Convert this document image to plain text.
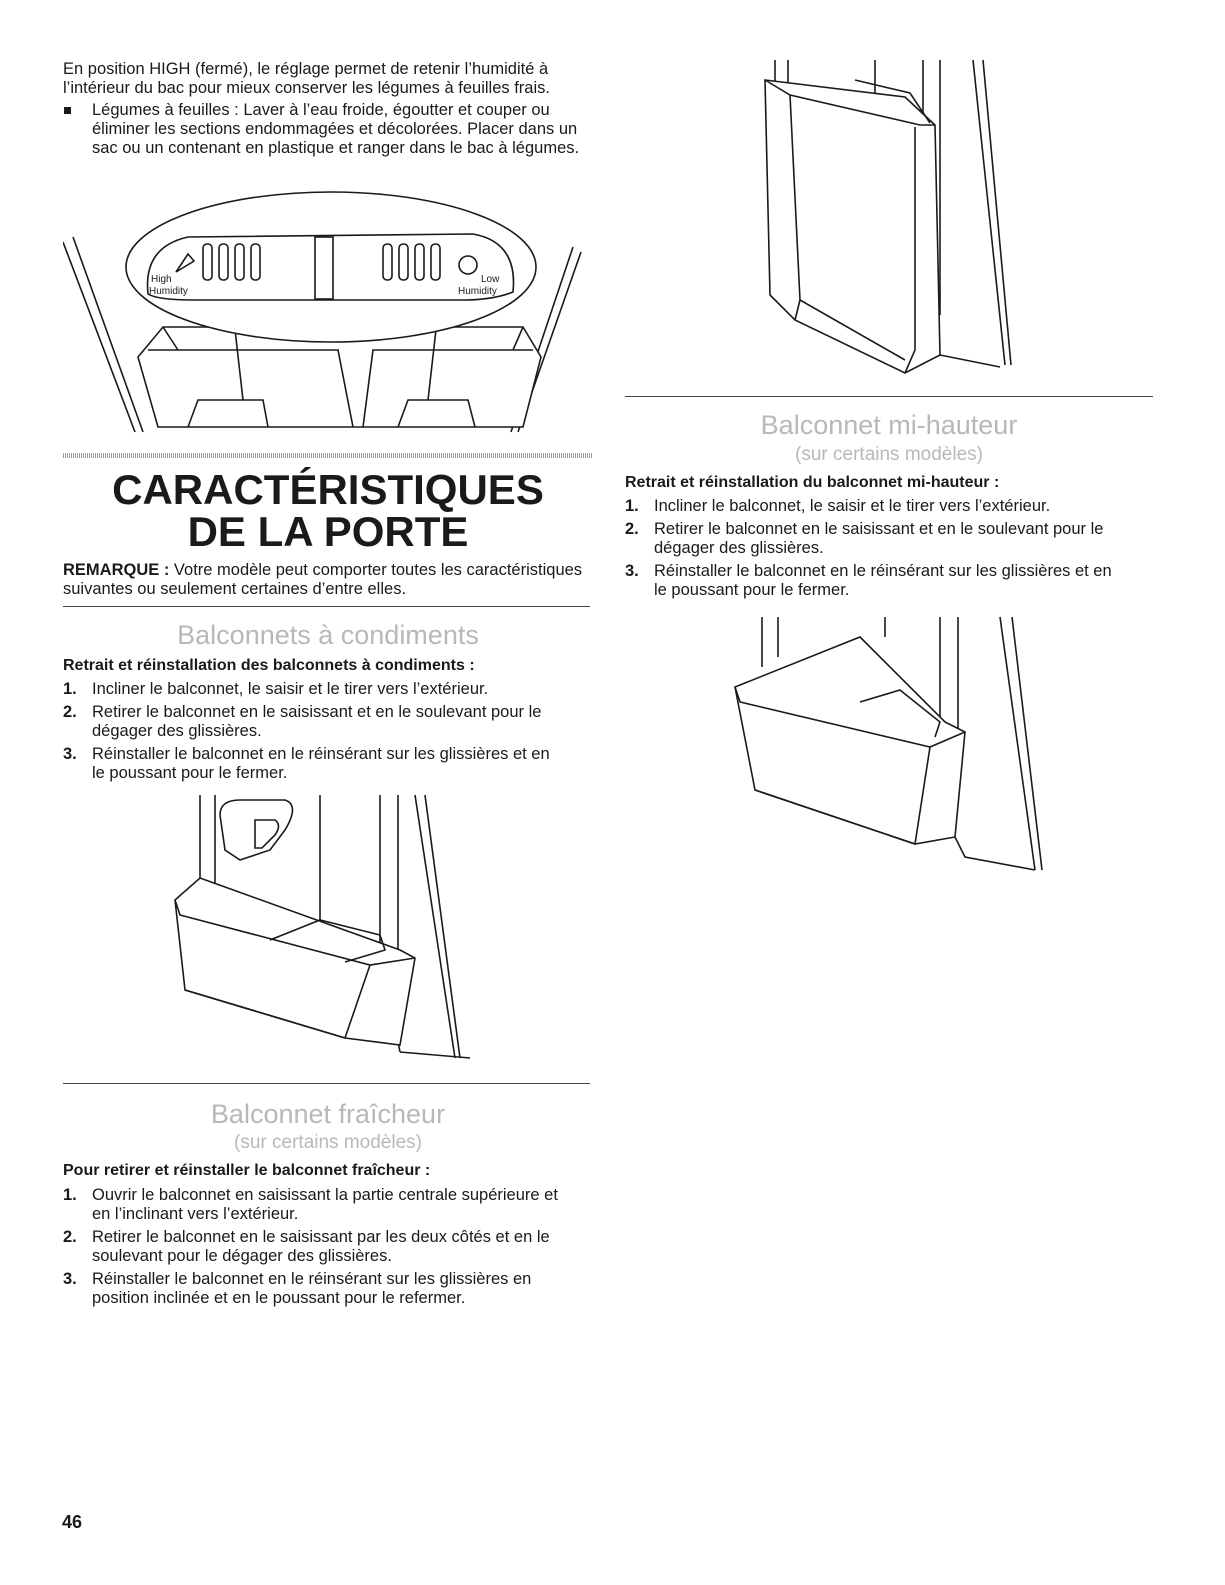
En position HIGH (fermé), le réglage permet de retenir l’humidité à l’intérieur du bac pour mieux conserver les légumes à feuilles frais.

Légumes à feuilles : Laver à l’eau froide, égoutter et couper ou éliminer les sections endommagées et décolorées. Placer dans un sac ou un contenant en plastique et ranger dans le bac à légumes.
High
Humidity
Low
Humidity
CARACTÉRISTIQUES
DE LA PORTE

REMARQUE : Votre modèle peut comporter toutes les caractéristiques suivantes ou seulement certaines d’entre elles.

Balconnets à condiments
Retrait et réinstallation des balconnets à condiments :
1. Incliner le balconnet, le saisir et le tirer vers l’extérieur.
2. Retirer le balconnet en le saisissant et en le soulevant pour le dégager des glissières.
3. Réinstaller le balconnet en le réinsérant sur les glissières et en le poussant pour le fermer.
Balconnet fraîcheur
(sur certains modèles)
Pour retirer et réinstaller le balconnet fraîcheur :
1. Ouvrir le balconnet en saisissant la partie centrale supérieure et en l’inclinant vers l’extérieur.
2. Retirer le balconnet en le saisissant par les deux côtés et en le soulevant pour le dégager des glissières.
3. Réinstaller le balconnet en le réinsérant sur les glissières en position inclinée et en le poussant pour le refermer.
Balconnet mi-hauteur
(sur certains modèles)
Retrait et réinstallation du balconnet mi-hauteur :
1. Incliner le balconnet, le saisir et le tirer vers l’extérieur.
2. Retirer le balconnet en le saisissant et en le soulevant pour le dégager des glissières.
3. Réinstaller le balconnet en le réinsérant sur les glissières et en le poussant pour le fermer.
46
